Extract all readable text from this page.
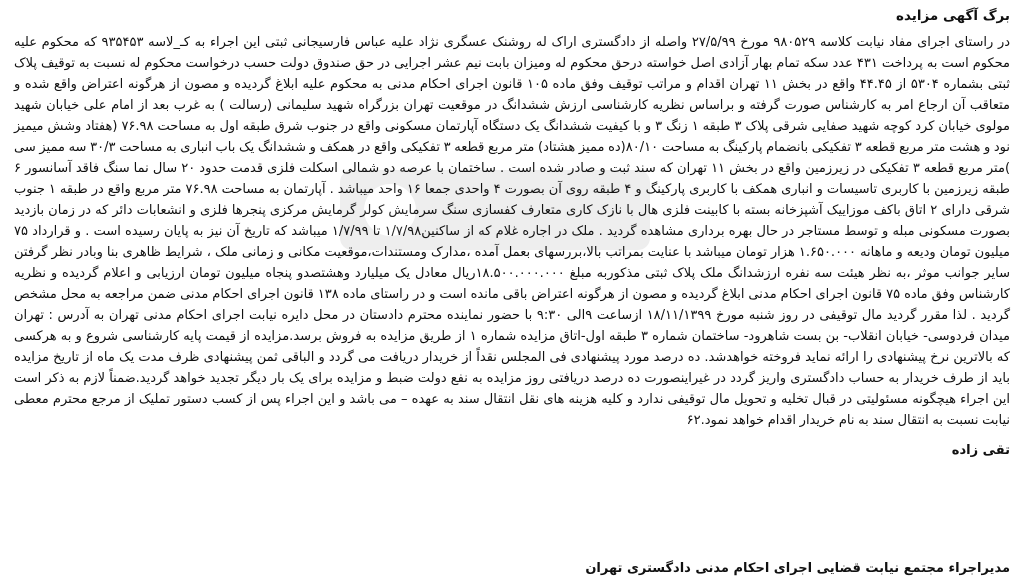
برگ آگهی مزایده

در راستای اجرای مفاد نیابت کلاسه ۹۸۰۵۲۹ مورخ ۲۷/۵/۹۹ واصله از دادگستری اراک له روشنک عسگری نژاد علیه عباس فارسیجانی ثبتی این اجراء به کـ_لاسه ۹۳۵۴۵۳ که محکوم علیه محکوم است به پرداخت ۴۳۱ عدد سکه تمام بهار آزادی اصل خواسته درحق محکوم له ومیزان بابت نیم عشر اجرایی در حق صندوق دولت حسب درخواست محکوم له نسبت به توقیف پلاک ثبتی بشماره ۵۳۰۴ از ۴۴.۴۵ واقع در بخش ۱۱ تهران اقدام و مراتب توقیف وفق ماده ۱۰۵ قانون اجرای احکام مدنی به محکوم علیه ابلاغ گردیده و مصون از هرگونه اعتراض واقع شده و متعاقب آن ارجاع امر به کارشناس صورت گرفته و براساس نظریه کارشناسی ارزش ششدانگ در موقعیت تهران بزرگراه شهید سلیمانی (رسالت ) به غرب بعد از امام علی خیابان شهید مولوی خیابان کرد کوچه شهید صفایی شرقی پلاک ۳ طبقه ۱ زنگ ۳ و با کیفیت ششدانگ یک دستگاه آپارتمان مسکونی واقع در جنوب شرق طبقه اول به مساحت ۷۶.۹۸ (هفتاد وشش میمیز نود و هشت متر مربع قطعه ۳ تفکیکی بانضمام پارکینگ به مساحت ۸۰/۱۰(ده ممیز هشتاد) متر مربع قطعه ۳ تفکیکی واقع در همکف و ششدانگ یک باب انباری به مساحت ۳۰/۳ سه ممیز سی )متر مربع قطعه ۳ تفکیکی در زیرزمین واقع در بخش ۱۱ تهران که سند ثبت و صادر شده است . ساختمان با عرصه دو شمالی اسکلت فلزی قدمت حدود ۲۰ سال نما سنگ فاقد آسانسور ۶ طبقه زیرزمین با کاربری تاسیسات و انباری همکف با کاربری پارکینگ و ۴ طبقه روی آن بصورت ۴ واحدی جمعا ۱۶ واحد میباشد . آپارتمان به مساحت ۷۶.۹۸ متر مربع واقع در طبقه ۱ جنوب شرقی دارای ۲ اتاق باکف موزاییک آشپزخانه بسته با کابینت فلزی هال با نازک کاری متعارف کفسازی سنگ سرمایش کولر گرمایش مرکزی پنجرها فلزی و انشعابات دائر که در زمان بازدید بصورت مسکونی مبله و توسط مستاجر در حال بهره برداری مشاهده گردید . ملک در اجاره غلام که از ساکنین۱/۷/۹۸ تا ۱/۷/۹۹ میباشد که تاریخ آن نیز به پایان رسیده است . و قرارداد ۷۵ میلیون تومان ودیعه و ماهانه ۱.۶۵۰.۰۰۰ هزار تومان میباشد با عنایت بمراتب بالا،بررسهای بعمل آمده ،مدارک ومستندات،موقعیت مکانی و زمانی ملک ، شرایط ظاهری بنا وبادر نظر گرفتن سایر جوانب موثر ،به نظر هیئت سه نفره ارزشدانگ ملک پلاک ثبتی مذکوربه مبلغ ۱۸.۵۰۰.۰۰۰.۰۰۰ریال معادل یک میلیارد وهشتصدو پنجاه میلیون تومان ارزیابی و اعلام گردیده و نظریه کارشناس وفق ماده ۷۵ قانون اجرای احکام مدنی ابلاغ گردیده و مصون از هرگونه اعتراض باقی مانده است و در راستای ماده ۱۳۸ قانون اجرای احکام مدنی ضمن مراجعه به محل مشخص گردید . لذا مقرر گردید مال توقیفی در روز شنبه مورخ ۱۸/۱۱/۱۳۹۹ ازساعت ۹الی ۹:۳۰ با حضور نماینده محترم دادستان در محل دایره نیابت اجرای احکام مدنی تهران به آدرس : تهران میدان فردوسی- خیابان انقلاب- بن بست شاهرود- ساختمان شماره ۳ طبقه اول-اتاق مزایده شماره ۱ از طریق مزایده به فروش برسد.مزایده از قیمت پایه کارشناسی شروع و به هرکسی که بالاترین نرخ پیشنهادی را ارائه نماید فروخته خواهدشد. ده درصد مورد پیشنهادی فی المجلس نقداً از خریدار دریافت می گردد و الباقی ثمن پیشنهادی ظرف مدت یک ماه از تاریخ مزایده باید از طرف خریدار به حساب دادگستری واریز گردد در غیراینصورت ده درصد دریافتی روز مزایده به نفع دولت ضبط و مزایده برای یک بار دیگر تجدید خواهد گردید.ضمناً لازم به ذکر است این اجراء هیچگونه مسئولیتی در قبال تخلیه و تحویل مال توقیفی ندارد و کلیه هزینه های نقل انتقال سند به عهده – می باشد و این اجراء پس از کسب دستور تملیک از مرجع محترم معطی نیابت نسبت به انتقال سند به نام خریدار اقدام خواهد نمود.۶۲

تقی زاده
مدیراجراء مجتمع نیابت قضایی اجرای احکام مدنی دادگستری تهران
